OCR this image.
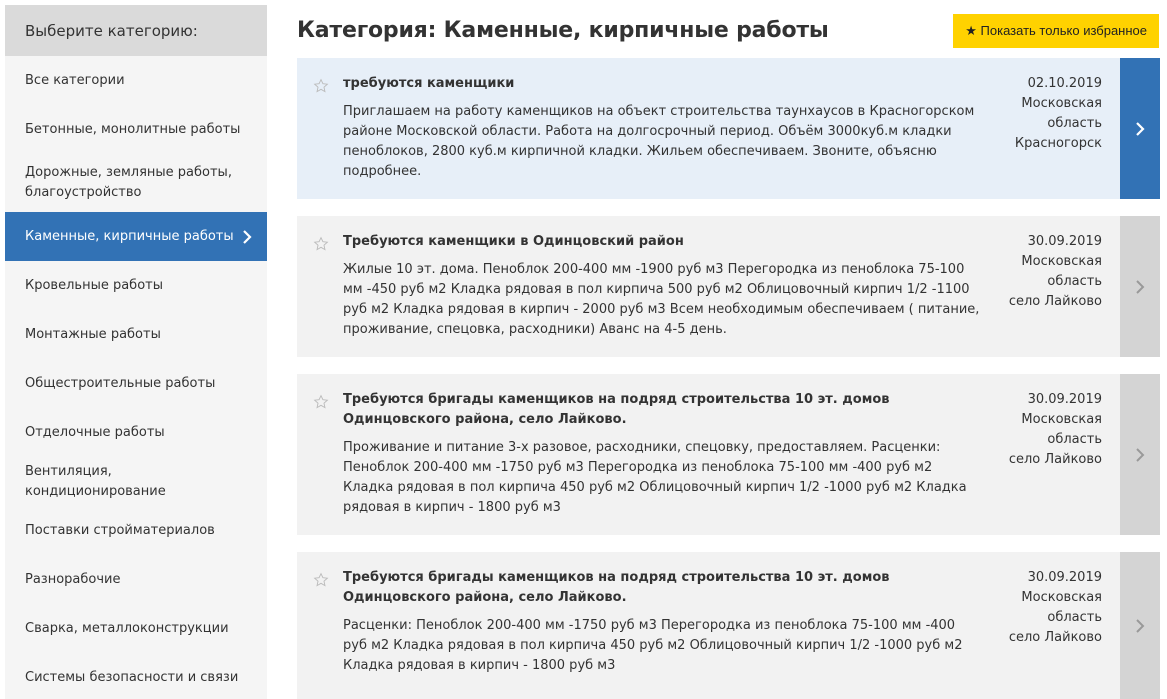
Выберите категорию:
Все категории
Бетонные, монолитные работы
Дорожные, земляные работы, благоустройство
Каменные, кирпичные работы
Кровельные работы
Монтажные работы
Общестроительные работы
Отделочные работы
Вентиляция, кондиционирование
Поставки стройматериалов
Разнорабочие
Сварка, металлоконструкции
Системы безопасности и связи
Категория: Каменные, кирпичные работы	★ Показать только избранное
требуются каменщики
Приглашаем на работу каменщиков на объект строительства таунхаусов в Красногорском районе Московской области. Работа на долгосрочный период. Объём 3000куб.м кладки пеноблоков, 2800 куб.м кирпичной кладки. Жильем обеспечиваем. Звоните, объясню подробнее.
02.10.2019
Московская
область
Красногорск
Требуются каменщики в Одинцовский район
Жилые 10 эт. дома. Пеноблок 200-400 мм -1900 руб м3 Перегородка из пеноблока 75-100 мм -450 руб м2 Кладка рядовая в пол кирпича 500 руб м2 Облицовочный кирпич 1/2 -1100 руб м2 Кладка рядовая в кирпич - 2000 руб м3 Всем необходимым обеспечиваем ( питание, проживание, спецовка, расходники) Аванс на 4-5 день.
30.09.2019
Московская
область
село Лайково
Требуются бригады каменщиков на подряд строительства 10 эт. домов Одинцовского района, село Лайково.
Проживание и питание 3-х разовое, расходники, спецовку, предоставляем. Расценки: Пеноблок 200-400 мм -1750 руб м3 Перегородка из пеноблока 75-100 мм -400 руб м2 Кладка рядовая в пол кирпича 450 руб м2 Облицовочный кирпич 1/2 -1000 руб м2 Кладка рядовая в кирпич - 1800 руб м3
30.09.2019
Московская
область
село Лайково
Требуются бригады каменщиков на подряд строительства 10 эт. домов Одинцовского района, село Лайково.
Расценки: Пеноблок 200-400 мм -1750 руб м3 Перегородка из пеноблока 75-100 мм -400 руб м2 Кладка рядовая в пол кирпича 450 руб м2 Облицовочный кирпич 1/2 -1000 руб м2 Кладка рядовая в кирпич - 1800 руб м3
30.09.2019
Московская
область
село Лайково
